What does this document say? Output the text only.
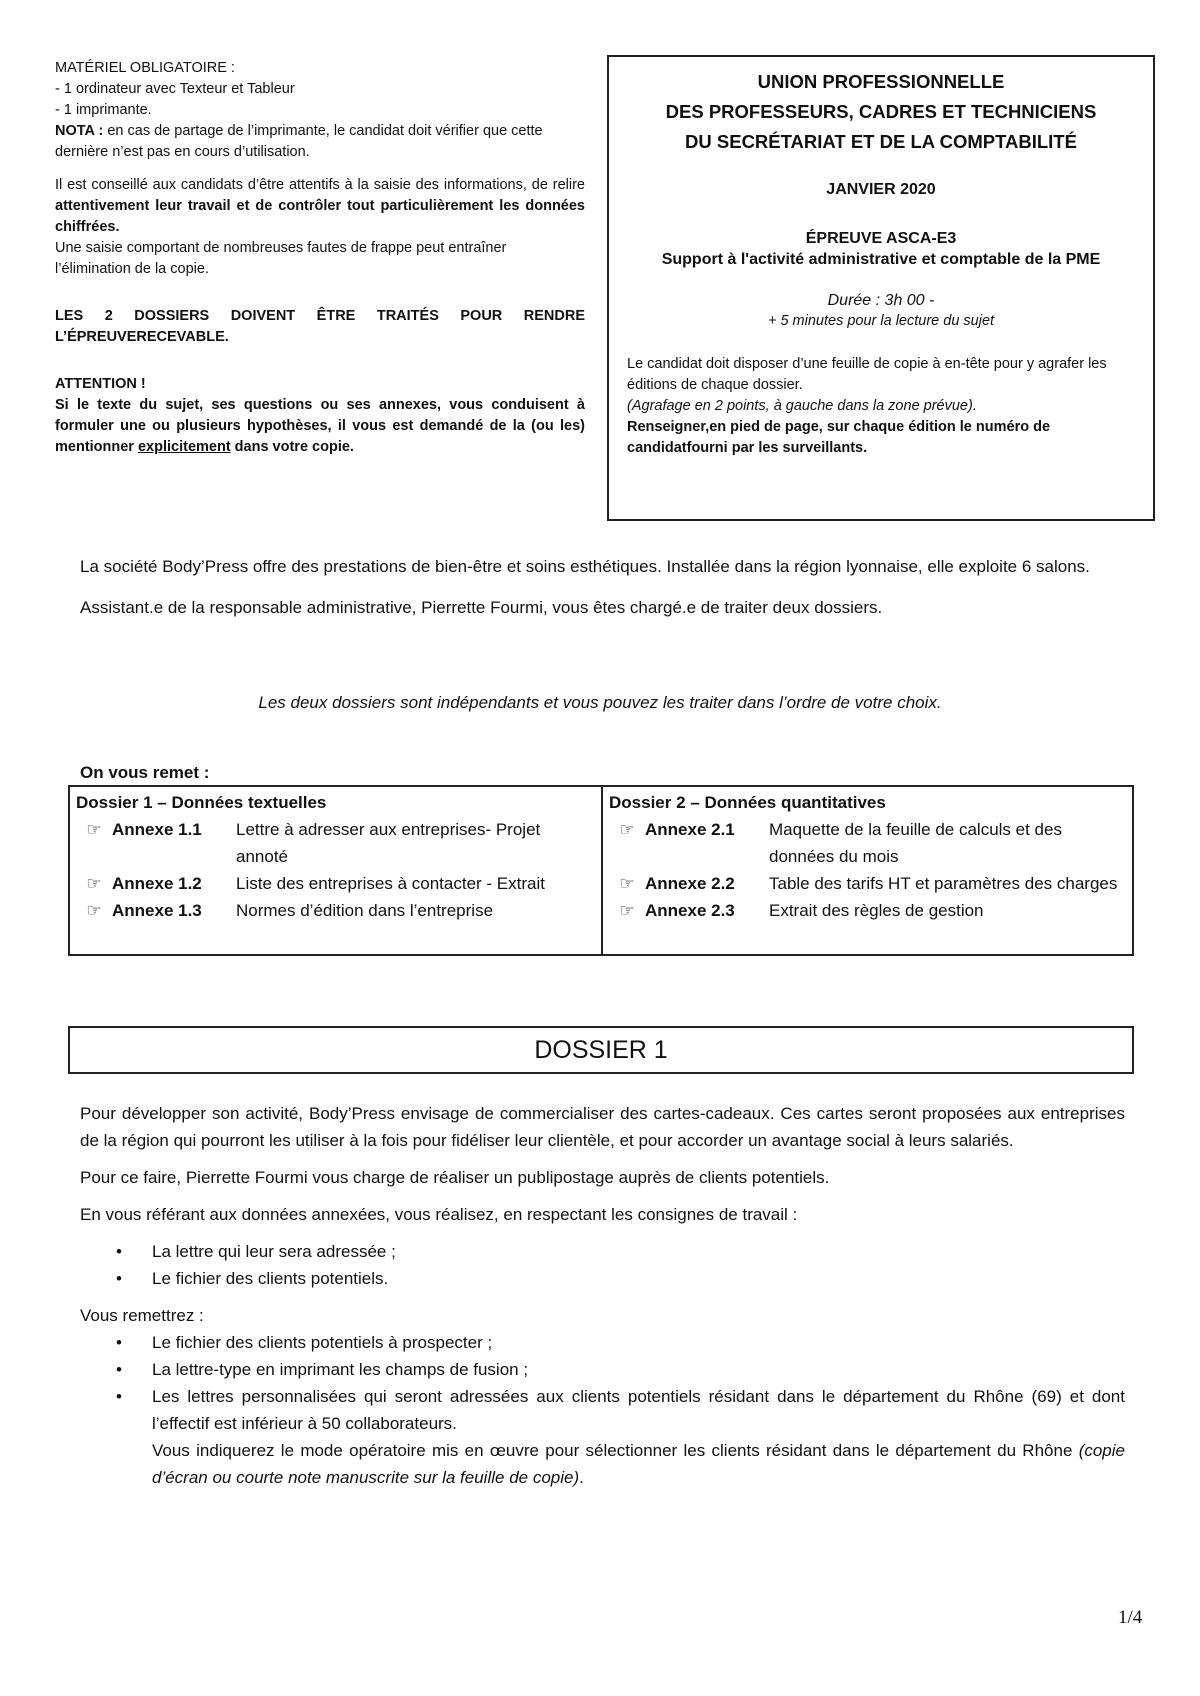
MATÉRIEL OBLIGATOIRE :

- 1 ordinateur avec Texteur et Tableur

- 1 imprimante.

NOTA : en cas de partage de l’imprimante, le candidat doit vérifier que cette dernière n’est pas en cours d’utilisation.

Il est conseillé aux candidats d’être attentifs à la saisie des informations, de relire attentivement leur travail et de contrôler tout particulièrement les données chiffrées.

Une saisie comportant de nombreuses fautes de frappe peut entraîner l’élimination de la copie.

LES 2 DOSSIERS DOIVENT ÊTRE TRAITÉS POUR RENDRE L’ÉPREUVERECEVABLE.

ATTENTION !

Si le texte du sujet, ses questions ou ses annexes, vous conduisent à formuler une ou plusieurs hypothèses, il vous est demandé de la (ou les) mentionner explicitement dans votre copie.

UNION PROFESSIONNELLE
DES PROFESSEURS, CADRES ET TECHNICIENS
DU SECRÉTARIAT ET DE LA COMPTABILITÉ
JANVIER 2020
ÉPREUVE ASCA-E3
Support à l'activité administrative et comptable de la PME
Durée : 3h 00 -
+ 5 minutes pour la lecture du sujet
Le candidat doit disposer d’une feuille de copie à en-tête pour y agrafer les éditions de chaque dossier.
(Agrafage en 2 points, à gauche dans la zone prévue).
Renseigner,en pied de page, sur chaque édition le numéro de candidatfourni par les surveillants.

La société Body’Press offre des prestations de bien-être et soins esthétiques. Installée dans la région lyonnaise, elle exploite 6 salons.

Assistant.e de la responsable administrative, Pierrette Fourmi, vous êtes chargé.e de traiter deux dossiers.

Les deux dossiers sont indépendants et vous pouvez les traiter dans l’ordre de votre choix.
On vous remet :
Dossier 1 – Données textuelles
☞ Annexe 1.1	Lettre à adresser aux entreprises- Projet annoté
☞ Annexe 1.2	Liste des entreprises à contacter - Extrait
☞ Annexe 1.3	Normes d’édition dans l’entreprise
Dossier 2 – Données quantitatives
☞ Annexe 2.1	Maquette de la feuille de calculs et des données du mois
☞ Annexe 2.2	Table des tarifs HT et paramètres des charges
☞ Annexe 2.3	Extrait des règles de gestion
DOSSIER 1

Pour développer son activité, Body’Press envisage de commercialiser des cartes-cadeaux. Ces cartes seront proposées aux entreprises de la région qui pourront les utiliser à la fois pour fidéliser leur clientèle, et pour accorder un avantage social à leurs salariés.

Pour ce faire, Pierrette Fourmi vous charge de réaliser un publipostage auprès de clients potentiels.

En vous référant aux données annexées, vous réalisez, en respectant les consignes de travail :

• La lettre qui leur sera adressée ;
• Le fichier des clients potentiels.

Vous remettrez :

• Le fichier des clients potentiels à prospecter ;
• La lettre-type en imprimant les champs de fusion ;
• Les lettres personnalisées qui seront adressées aux clients potentiels résidant dans le département du Rhône (69) et dont l’effectif est inférieur à 50 collaborateurs.
Vous indiquerez le mode opératoire mis en œuvre pour sélectionner les clients résidant dans le département du Rhône (copie d’écran ou courte note manuscrite sur la feuille de copie).
1/4
